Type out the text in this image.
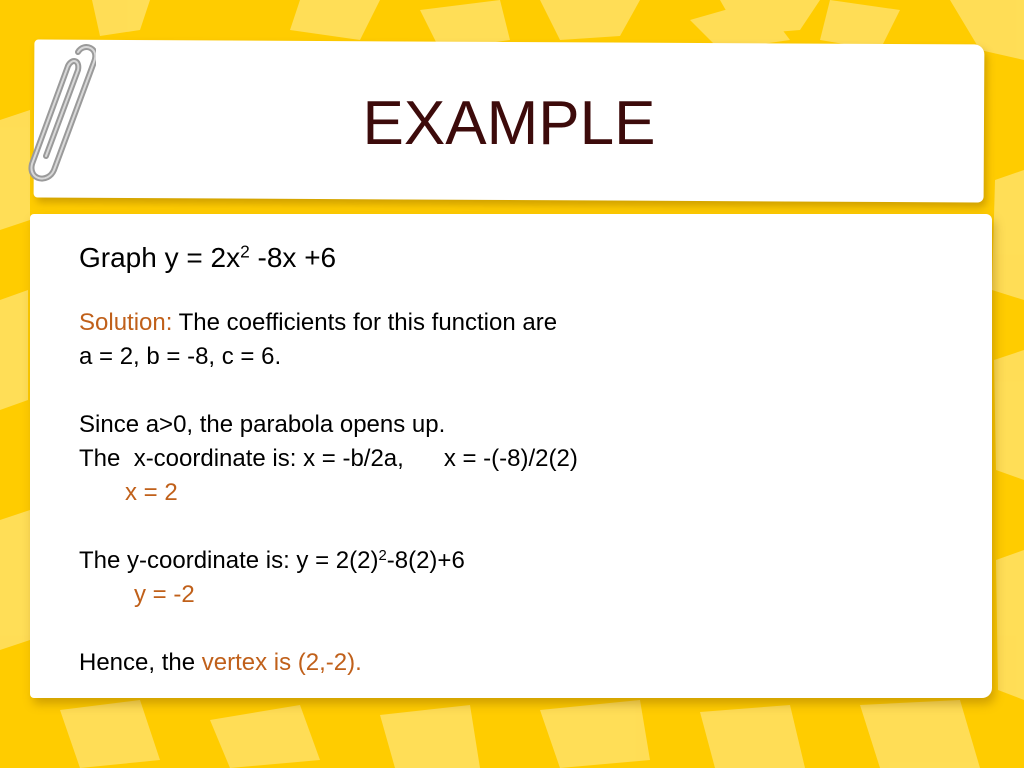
EXAMPLE
Graph $y = 2x^2$ -8x +6
Solution: The coefficients for this function are
a = 2, b = -8, c = 6.
Since a>0, the parabola opens up.
The  x-coordinate is: x = -b/2a,      x = -(-8)/2(2)
x = 2
The y-coordinate is: $y = 2(2)^2-8(2)+6$
y = -2
Hence, the vertex is (2,-2).
